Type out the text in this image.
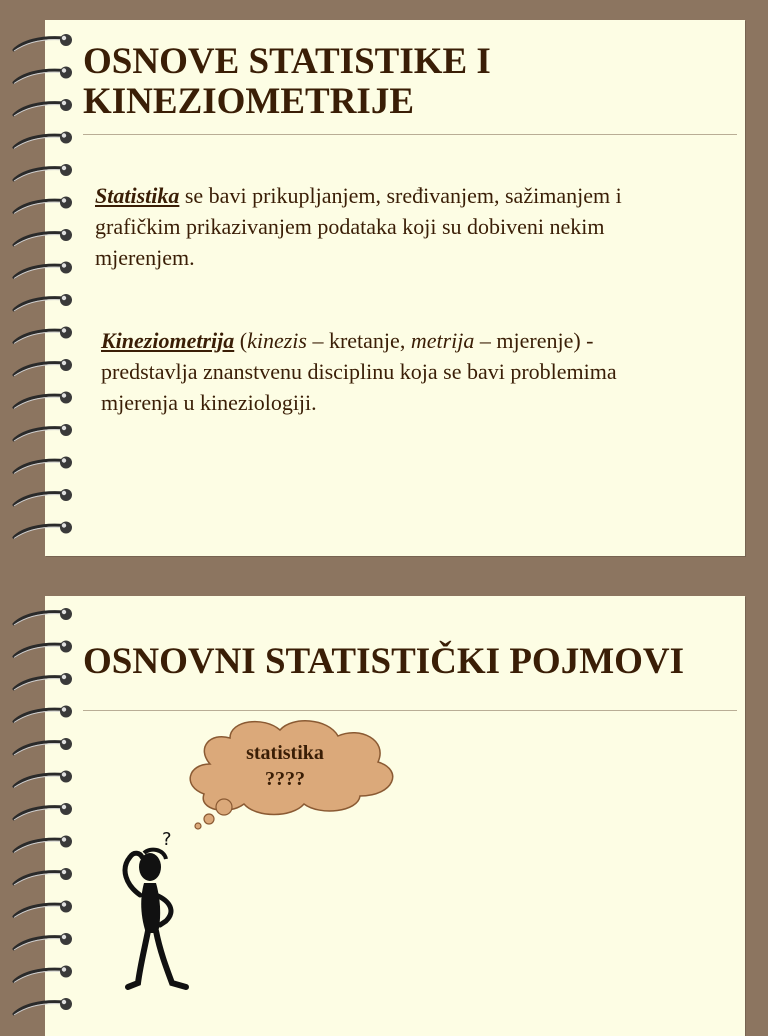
OSNOVE STATISTIKE I
KINEZIOMETRIJE

Statistika se bavi prikupljanjem, sređivanjem, sažimanjem i
grafičkim prikazivanjem podataka koji su dobiveni nekim
mjerenjem.

Kineziometrija (kinezis – kretanje, metrija – mjerenje) -
predstavlja znanstvenu disciplinu koja se bavi problemima
mjerenja u kineziologiji.

OSNOVNI STATISTIČKI POJMOVI
statistika
????
?
